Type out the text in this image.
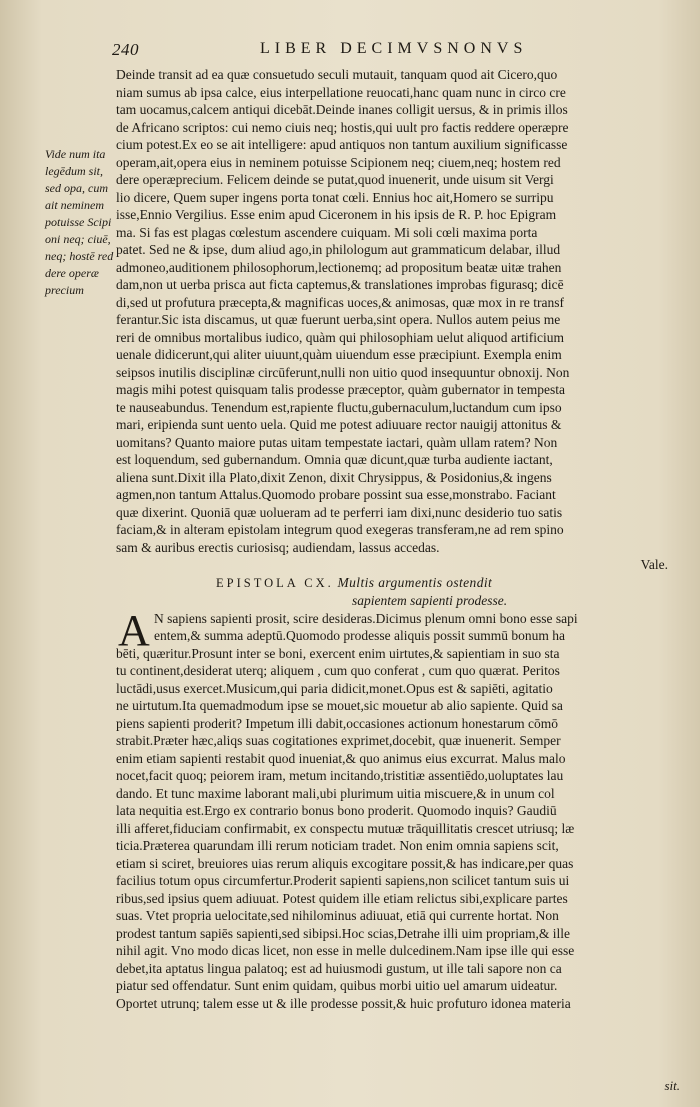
240	LIBER DECIMVSNONVS
Vide num ita
legēdum sit,
sed opa, cum
ait neminem
potuisse Scipi
oni neq; ciuē,
neq; hostē red
dere operæ
precium
Deinde transit ad ea quæ consuetudo seculi mutauit, tanquam quod ait Cicero,quo
niam sumus ab ipsa calce, eius interpellatione reuocati,hanc quam nunc in circo cre
tam uocamus,calcem antiqui dicebāt.Deinde inanes colligit uersus, & in primis illos
de Africano scriptos: cui nemo ciuis neq; hostis,qui uult pro factis reddere operæpre
cium potest.Ex eo se ait intelligere: apud antiquos non tantum auxilium significasse
operam,ait,opera eius in neminem potuisse Scipionem neq; ciuem,neq; hostem red
dere operæprecium. Felicem deinde se putat,quod inuenerit, unde uisum sit Vergi
lio dicere, Quem super ingens porta tonat cœli. Ennius hoc ait,Homero se surripu
isse,Ennio Vergilius. Esse enim apud Ciceronem in his ipsis de R. P. hoc Epigram
ma. Si fas est plagas cœlestum ascendere cuiquam. Mi soli cœli maxima porta
patet. Sed ne & ipse, dum aliud ago,in philologum aut grammaticum delabar, illud
admoneo,auditionem philosophorum,lectionemq; ad propositum beatæ uitæ trahen
dam,non ut uerba prisca aut ficta captemus,& translationes improbas figurasq; dicē
di,sed ut profutura præcepta,& magnificas uoces,& animosas, quæ mox in re transf
ferantur.Sic ista discamus, ut quæ fuerunt uerba,sint opera. Nullos autem peius me
reri de omnibus mortalibus iudico, quàm qui philosophiam uelut aliquod artificium
uenale didicerunt,qui aliter uiuunt,quàm uiuendum esse præcipiunt. Exempla enim
seipsos inutilis disciplinæ circūferunt,nulli non uitio quod insequuntur obnoxij. Non
magis mihi potest quisquam talis prodesse præceptor, quàm gubernator in tempesta
te nauseabundus. Tenendum est,rapiente fluctu,gubernaculum,luctandum cum ipso
mari, eripienda sunt uento uela. Quid me potest adiuuare rector nauigij attonitus &
uomitans? Quanto maiore putas uitam tempestate iactari, quàm ullam ratem? Non
est loquendum, sed gubernandum. Omnia quæ dicunt,quæ turba audiente iactant,
aliena sunt.Dixit illa Plato,dixit Zenon, dixit Chrysippus, & Posidonius,& ingens
agmen,non tantum Attalus.Quomodo probare possint sua esse,monstrabo. Faciant
quæ dixerint. Quoniā quæ uolueram ad te perferri iam dixi,nunc desiderio tuo satis
faciam,& in alteram epistolam integrum quod exegeras transferam,ne ad rem spino
sam & auribus erectis curiosisq; audiendam, lassus accedas.
Vale.
EPISTOLA CX. Multis argumentis ostendit
sapientem sapienti prodesse.
A N sapiens sapienti prosit, scire desideras.Dicimus plenum omni bono esse sapi
entem,& summa adeptū.Quomodo prodesse aliquis possit summū bonum ha
bēti, quæritur.Prosunt inter se boni, exercent enim uirtutes,& sapientiam in suo sta
tu continent,desiderat uterq; aliquem , cum quo conferat , cum quo quærat. Peritos
luctādi,usus exercet.Musicum,qui paria didicit,monet.Opus est & sapiēti, agitatio
ne uirtutum.Ita quemadmodum ipse se mouet,sic mouetur ab alio sapiente. Quid sa
piens sapienti proderit? Impetum illi dabit,occasiones actionum honestarum cōmō
strabit.Præter hæc,aliqs suas cogitationes exprimet,docebit, quæ inuenerit. Semper
enim etiam sapienti restabit quod inueniat,& quo animus eius excurrat. Malus malo
nocet,facit quoq; peiorem iram, metum incitando,tristitiæ assentiēdo,uoluptates lau
dando. Et tunc maxime laborant mali,ubi plurimum uitia miscuere,& in unum col
lata nequitia est.Ergo ex contrario bonus bono proderit. Quomodo inquis? Gaudiū
illi afferet,fiduciam confirmabit, ex conspectu mutuæ trāquillitatis crescet utriusq; læ
ticia.Præterea quarundam illi rerum noticiam tradet. Non enim omnia sapiens scit,
etiam si sciret, breuiores uias rerum aliquis excogitare possit,& has indicare,per quas
facilius totum opus circumfertur.Proderit sapienti sapiens,non scilicet tantum suis ui
ribus,sed ipsius quem adiuuat. Potest quidem ille etiam relictus sibi,explicare partes
suas. Vtet propria uelocitate,sed nihilominus adiuuat, etiā qui currente hortat. Non
prodest tantum sapiēs sapienti,sed sibipsi.Hoc scias,Detrahe illi uim propriam,& ille
nihil agit. Vno modo dicas licet, non esse in melle dulcedinem.Nam ipse ille qui esse
debet,ita aptatus lingua palatoq; est ad huiusmodi gustum, ut ille tali sapore non ca
piatur sed offendatur. Sunt enim quidam, quibus morbi uitio uel amarum uideatur.
Oportet utrunq; talem esse ut & ille prodesse possit,& huic profuturo idonea materia
sit.
